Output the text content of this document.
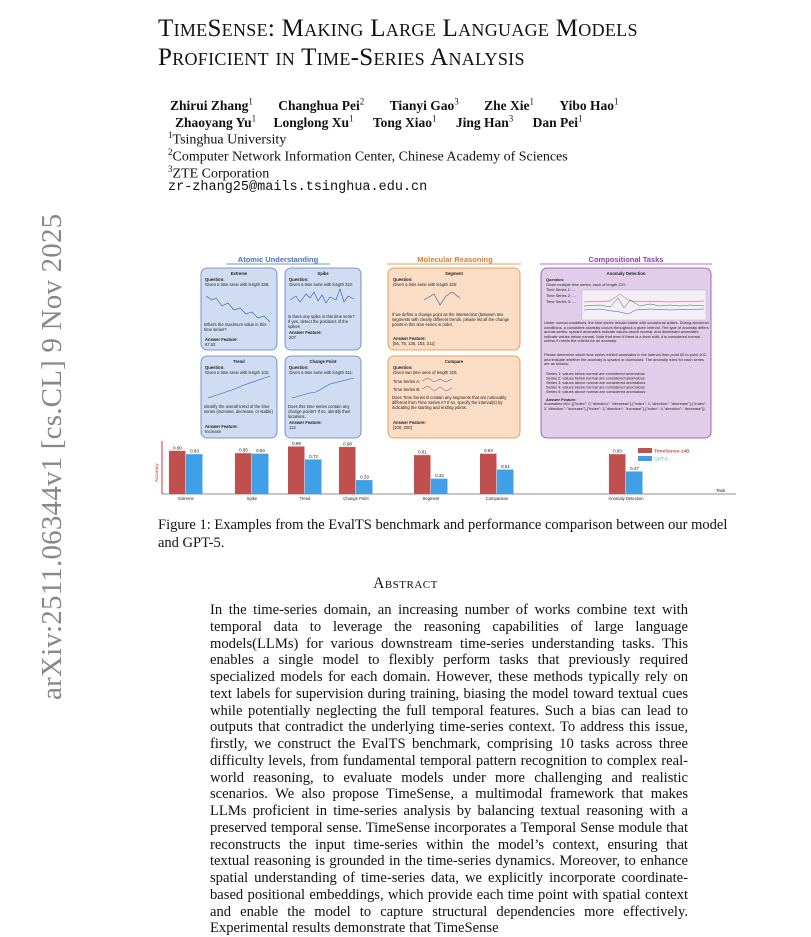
arXiv:2511.06344v1 [cs.CL] 9 Nov 2025
TimeSense: Making Large Language Models
Proficient in Time-Series Analysis
Zhirui Zhang$^1$ Changhua Pei$^2$ Tianyi Gao$^3$ Zhe Xie$^1$ Yibo Hao$^1$
Zhaoyang Yu$^1$ Longlong Xu$^1$ Tong Xiao$^1$ Jing Han$^3$ Dan Pei$^1$
$^1$Tsinghua University
$^2$Computer Network Information Center, Chinese Academy of Sciences
$^3$ZTE Corporation
zr-zhang25@mails.tsinghua.edu.cn
Atomic Understanding	Molecular Reasoning	Compositional Tasks
Extreme
Question:
Given a time serie with length 336:
What's the maximum value in this time series?
Answer Feature:
67.52
Spike
Question:
Given a time serie with length 322:
Is there any spike in this time serie? If yes, detect the positions of the spikes
Answer Feature:
207
Trend
Question:
Given a time serie with length 102:
Identify the overall trend of the time series (increase, decrease, or stable)
Answer Feature:
Increase
Change Point
Question:
Given a time serie with length 311:
Does this time series contain any change points? If so, identify their locations.
Answer Feature:
112
Segment
Question:
Given a time serie with length 325:
If we define a change point as the intersection (between two segments with clearly different trends, please list all the change points in this time series in order.
Answer Feature:
[55, 75, 135, 153, 211]
Compare
Question:
Given two time serie of length 320,
Time Series A:
Time Series B:
Does Time Series B contain any segments that are noticeably different from Time Series A? If so, specify the interval(s) by indicating the starting and ending points.
Answer Feature:
[100, 200]
Anomaly Detection
Question:
Given multiple time series, each of length 220:
Time Series 1: ....
Time Series 2: ....
Time Series 3: ....
Under normal conditions, the time series remain stable with occasional spikes. During abnormal conditions, a consistent anomaly occurs throughout a given interval. The type of anomaly differs across series: upward anomalies indicate values above normal, and downward anomalies indicate values below normal. Note that even if there is a level shift, it is considered normal unless it meets the criteria for an anomaly.
Please determine which time series exhibit anomalies in the interval from point 60 to point 102, and indicate whether the anomaly is upward or downward. The anomaly rules for each series are as follows:
Series 1: values below normal are considered anomalous
Series 2: values below normal are considered anomalous
Series 3: values above normal are considered anomalous
Series 4: values below normal are considered anomalous
Series 5: values above normal are considered anomalous
Answer Feature:
Anomalies info: [{"index": 0,"direction": "decrease"},{"index": 1,"direction": "decrease"},{"index": 2,"direction": "increase"},{"index": 3,"direction": "increase"},{"index": 4,"direction": "decrease"}]
Accuracy
Task
0.90
0.83
Extreme
0.85 0.84
Spike
0.99
0.72
Trend
0.98
0.29
Change Point
0.81
0.32
Segment
0.84
0.51
Comparison
0.83
0.47
Anomaly Detection
TimeSense-14B
GPT-5
Figure 1: Examples from the EvalTS benchmark and performance comparison between our model and GPT-5.
Abstract
In the time-series domain, an increasing number of works combine text with temporal data to leverage the reasoning capabilities of large language models(LLMs) for various downstream time-series understanding tasks. This enables a single model to flexibly perform tasks that previously required specialized models for each domain. However, these methods typically rely on text labels for supervision during training, biasing the model toward textual cues while potentially neglecting the full temporal features. Such a bias can lead to outputs that contradict the underlying time-series context. To address this issue, firstly, we construct the EvalTS benchmark, comprising 10 tasks across three difficulty levels, from fundamental temporal pattern recognition to complex real-world reasoning, to evaluate models under more challenging and realistic scenarios. We also propose TimeSense, a multimodal framework that makes LLMs proficient in time-series analysis by balancing textual reasoning with a preserved temporal sense. TimeSense incorporates a Temporal Sense module that reconstructs the input time-series within the model’s context, ensuring that textual reasoning is grounded in the time-series dynamics. Moreover, to enhance spatial understanding of time-series data, we explicitly incorporate coordinate-based positional embeddings, which provide each time point with spatial context and enable the model to capture structural dependencies more effectively. Experimental results demonstrate that TimeSense
